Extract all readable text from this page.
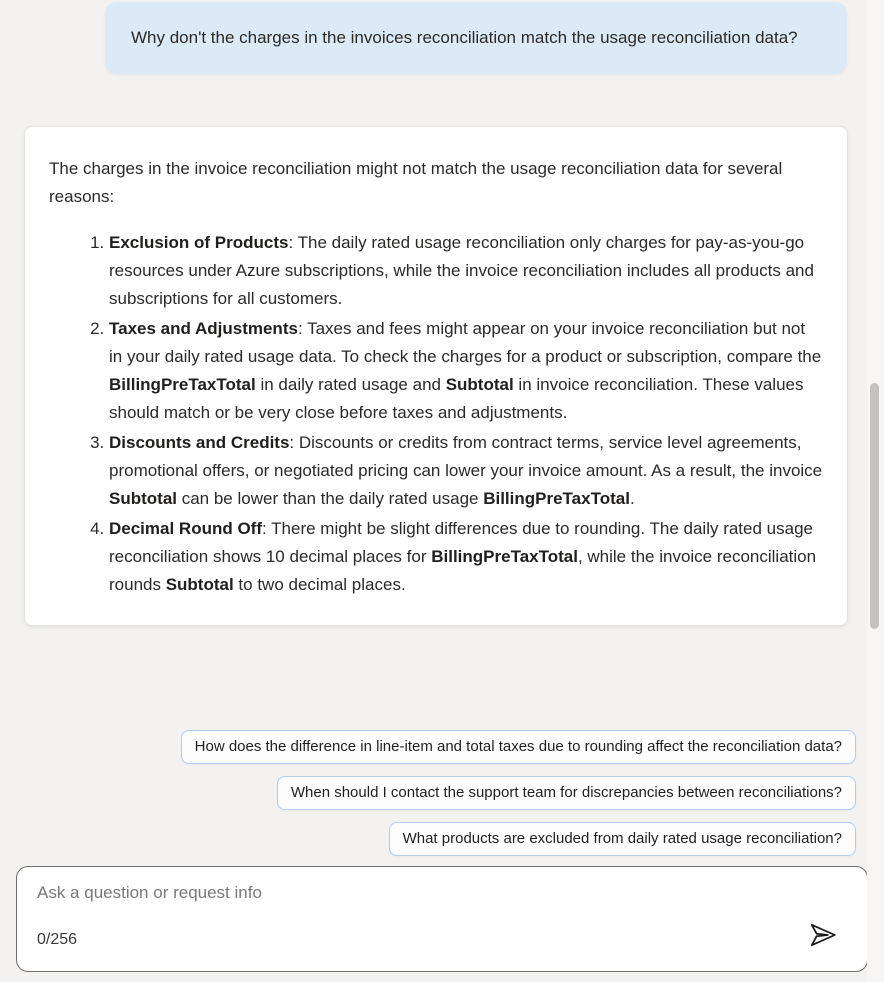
Why don't the charges in the invoices reconciliation match the usage reconciliation data?

The charges in the invoice reconciliation might not match the usage reconciliation data for several reasons:

1. Exclusion of Products: The daily rated usage reconciliation only charges for pay-as-you-go resources under Azure subscriptions, while the invoice reconciliation includes all products and subscriptions for all customers.
2. Taxes and Adjustments: Taxes and fees might appear on your invoice reconciliation but not in your daily rated usage data. To check the charges for a product or subscription, compare the BillingPreTaxTotal in daily rated usage and Subtotal in invoice reconciliation. These values should match or be very close before taxes and adjustments.
3. Discounts and Credits: Discounts or credits from contract terms, service level agreements, promotional offers, or negotiated pricing can lower your invoice amount. As a result, the invoice Subtotal can be lower than the daily rated usage BillingPreTaxTotal.
4. Decimal Round Off: There might be slight differences due to rounding. The daily rated usage reconciliation shows 10 decimal places for BillingPreTaxTotal, while the invoice reconciliation rounds Subtotal to two decimal places.
How does the difference in line-item and total taxes due to rounding affect the reconciliation data?
When should I contact the support team for discrepancies between reconciliations?
What products are excluded from daily rated usage reconciliation?
Ask a question or request info
0/256
